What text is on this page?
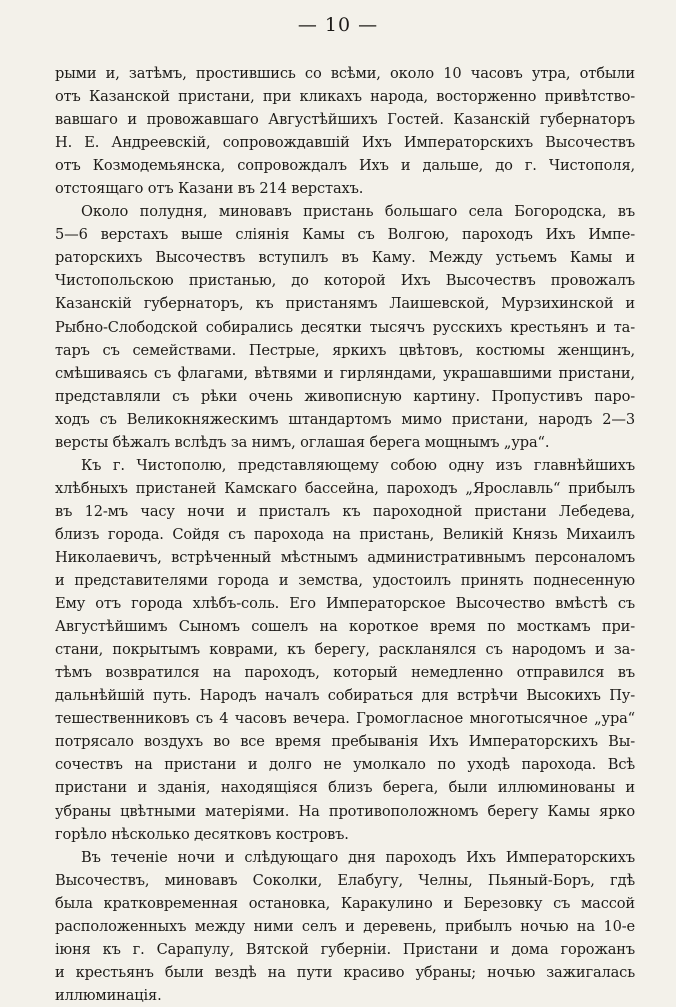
— 10 —
рыми и, затѣмъ, простившись со всѣми, около 10 часовъ утра, отбыли
отъ Казанской пристани, при кликахъ народа, восторженно привѣтство-
вавшаго и провожавшаго Августѣйшихъ Гостей. Казанскій губернаторъ
Н. Е. Андреевскій, сопровождавшій Ихъ Императорскихъ Высочествъ
отъ Козмодемьянска, сопровождалъ Ихъ и дальше, до г. Чистополя,
отстоящаго отъ Казани въ 214 верстахъ.
Около полудня, миновавъ пристань большаго села Богородска, въ
5—6 верстахъ выше сліянія Камы съ Волгою, пароходъ Ихъ Импе-
раторскихъ Высочествъ вступилъ въ Каму. Между устьемъ Камы и
Чистопольскою пристанью, до которой Ихъ Высочествъ провожалъ
Казанскій губернаторъ, къ пристанямъ Лаишевской, Мурзихинской и
Рыбно-Слободской собирались десятки тысячъ русскихъ крестьянъ и та-
таръ съ семействами. Пестрые, яркихъ цвѣтовъ, костюмы женщинъ,
смѣшиваясь съ флагами, вѣтвями и гирляндами, украшавшими пристани,
представляли съ рѣки очень живописную картину. Пропустивъ паро-
ходъ съ Великокняжескимъ штандартомъ мимо пристани, народъ 2—3
версты бѣжалъ вслѣдъ за нимъ, оглашая берега мощнымъ „ура“.
Къ г. Чистополю, представляющему собою одну изъ главнѣйшихъ
хлѣбныхъ пристаней Камскаго бассейна, пароходъ „Ярославль“ прибылъ
въ 12-мъ часу ночи и присталъ къ пароходной пристани Лебедева,
близъ города. Сойдя съ парохода на пристань, Великій Князь Михаилъ
Николаевичъ, встрѣченный мѣстнымъ административнымъ персоналомъ
и представителями города и земства, удостоилъ принять поднесенную
Ему отъ города хлѣбъ-соль. Его Императорское Высочество вмѣстѣ съ
Августѣйшимъ Сыномъ сошелъ на короткое время по мосткамъ при-
стани, покрытымъ коврами, къ берегу, раскланялся съ народомъ и за-
тѣмъ возвратился на пароходъ, который немедленно отправился въ
дальнѣйшій путь. Народъ началъ собираться для встрѣчи Высокихъ Пу-
тешественниковъ съ 4 часовъ вечера. Громогласное многотысячное „ура“
потрясало воздухъ во все время пребыванія Ихъ Императорскихъ Вы-
сочествъ на пристани и долго не умолкало по уходѣ парохода. Всѣ
пристани и зданія, находящіяся близъ берега, были иллюминованы и
убраны цвѣтными матеріями. На противоположномъ берегу Камы ярко
горѣло нѣсколько десятковъ костровъ.
Въ теченіе ночи и слѣдующаго дня пароходъ Ихъ Императорскихъ
Высочествъ, миновавъ Соколки, Елабугу, Челны, Пьяный-Боръ, гдѣ
была кратковременная остановка, Каракулино и Березовку съ массой
расположенныхъ между ними селъ и деревень, прибылъ ночью на 10-е
іюня къ г. Сарапулу, Вятской губерніи. Пристани и дома горожанъ
и крестьянъ были вездѣ на пути красиво убраны; ночью зажигалась
иллюминація.
